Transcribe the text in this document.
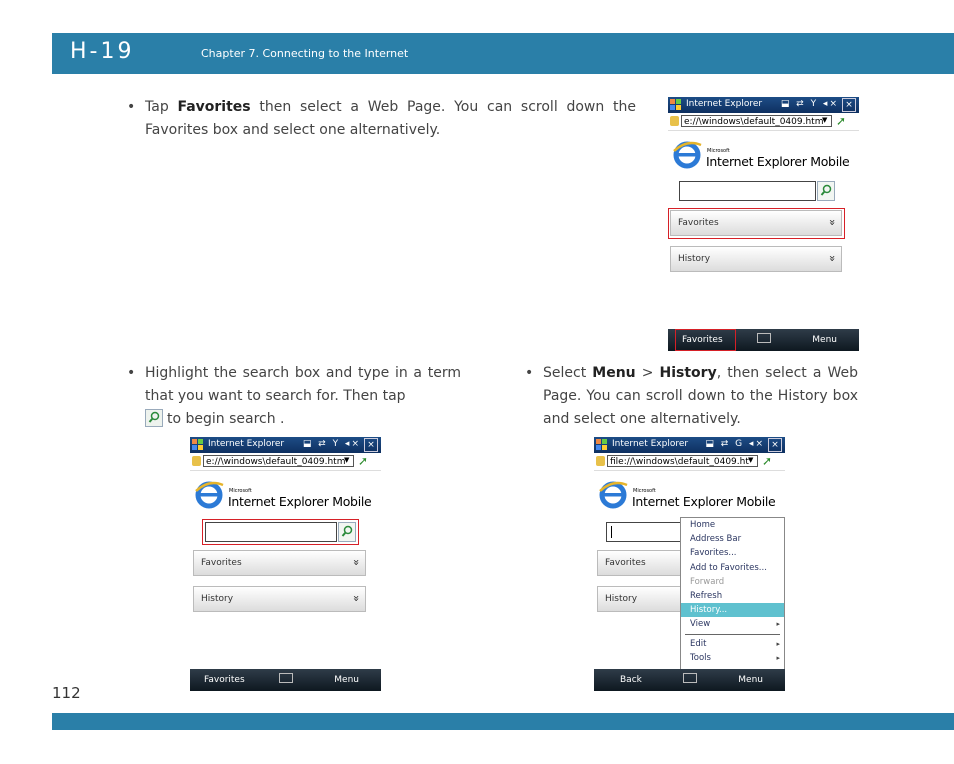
H-19	Chapter 7. Connecting to the Internet
• Tap Favorites then select a Web Page. You can scroll down the Favorites box and select one alternatively.
• Highlight the search box and type in a term that you want to search for. Then tap
to begin search .
• Select Menu > History, then select a Web Page. You can scroll down to the History box and select one alternatively.
Internet Explorer ⬓ ⇄ Y ◂× ×
e://\windows\default_0409.htm
▼ ➚
Microsoft
Internet Explorer Mobile
Favorites	»
History	»
Favorites	Menu
Internet Explorer ⬓ ⇄ Y ◂× ×
e://\windows\default_0409.htm
▼ ➚
Microsoft
Internet Explorer Mobile
Favorites	»
History	»
Favorites	Menu
Internet Explorer ⬓ ⇄ G ◂× ×
file://\windows\default_0409.ht ▼ ➚
Microsoft
Internet Explorer Mobile
Favorites
History
Home
Address Bar
Favorites...
Add to Favorites...
Forward
Refresh
History...
View	▸
Edit	▸
Tools	▸
Back	Menu
112
